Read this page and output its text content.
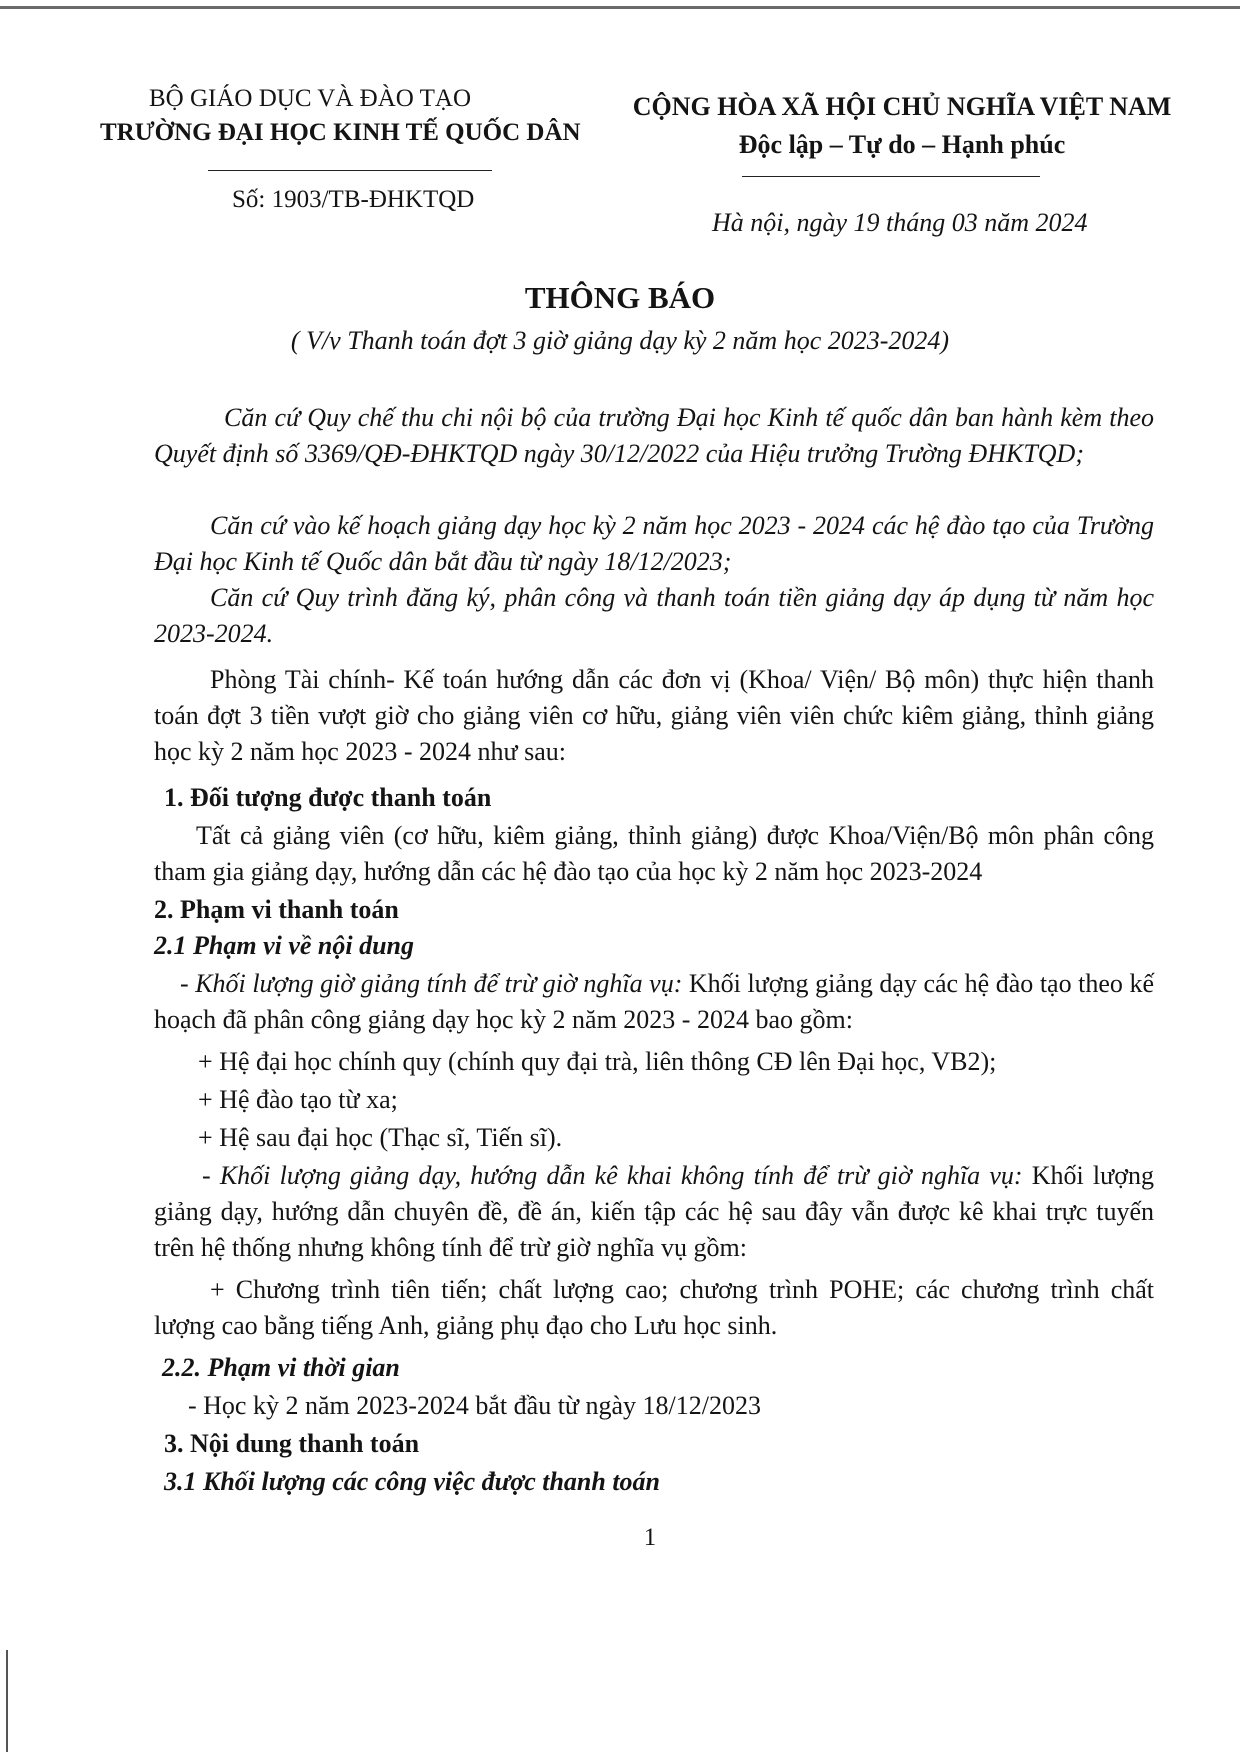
BỘ GIÁO DỤC VÀ ĐÀO TẠO
TRƯỜNG ĐẠI HỌC KINH TẾ QUỐC DÂN
Số: 1903/TB-ĐHKTQD
CỘNG HÒA XÃ HỘI CHỦ NGHĨA VIỆT NAM
Độc lập – Tự do – Hạnh phúc
Hà nội, ngày 19 tháng 03 năm 2024
THÔNG BÁO
( V/v Thanh toán đợt 3 giờ giảng dạy kỳ 2 năm học 2023-2024)

Căn cứ Quy chế thu chi nội bộ của trường Đại học Kinh tế quốc dân ban hành kèm theo Quyết định số 3369/QĐ-ĐHKTQD ngày 30/12/2022 của Hiệu trưởng Trường ĐHKTQD;

Căn cứ vào kế hoạch giảng dạy học kỳ 2 năm học 2023 - 2024 các hệ đào tạo của Trường Đại học Kinh tế Quốc dân bắt đầu từ ngày 18/12/2023;

Căn cứ Quy trình đăng ký, phân công và thanh toán tiền giảng dạy áp dụng từ năm học 2023-2024.

Phòng Tài chính- Kế toán hướng dẫn các đơn vị (Khoa/ Viện/ Bộ môn) thực hiện thanh toán đợt 3 tiền vượt giờ cho giảng viên cơ hữu, giảng viên viên chức kiêm giảng, thỉnh giảng học kỳ 2 năm học 2023 - 2024 như sau:

1. Đối tượng được thanh toán

Tất cả giảng viên (cơ hữu, kiêm giảng, thỉnh giảng) được Khoa/Viện/Bộ môn phân công tham gia giảng dạy, hướng dẫn các hệ đào tạo của học kỳ 2 năm học 2023-2024

2. Phạm vi thanh toán
2.1 Phạm vi về nội dung

- Khối lượng giờ giảng tính để trừ giờ nghĩa vụ: Khối lượng giảng dạy các hệ đào tạo theo kế hoạch đã phân công giảng dạy học kỳ 2 năm 2023 - 2024 bao gồm:

+ Hệ đại học chính quy (chính quy đại trà, liên thông CĐ lên Đại học, VB2);
+ Hệ đào tạo từ xa;
+ Hệ sau đại học (Thạc sĩ, Tiến sĩ).

- Khối lượng giảng dạy, hướng dẫn kê khai không tính để trừ giờ nghĩa vụ: Khối lượng giảng dạy, hướng dẫn chuyên đề, đề án, kiến tập các hệ sau đây vẫn được kê khai trực tuyến trên hệ thống nhưng không tính để trừ giờ nghĩa vụ gồm:

+ Chương trình tiên tiến; chất lượng cao; chương trình POHE; các chương trình chất lượng cao bằng tiếng Anh, giảng phụ đạo cho Lưu học sinh.

2.2. Phạm vi thời gian
- Học kỳ 2 năm 2023-2024 bắt đầu từ ngày 18/12/2023
3. Nội dung thanh toán
3.1 Khối lượng các công việc được thanh toán
1
